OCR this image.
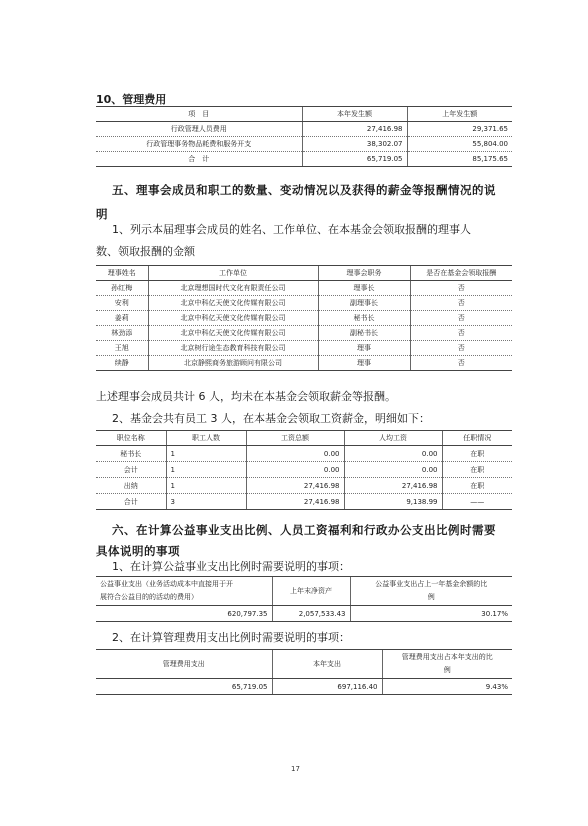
10、管理费用
项　目	本年发生额	上年发生额
行政管理人员费用	27,416.98	29,371.65
行政管理事务物品耗费和服务开支	38,302.07	55,804.00
合　计	65,719.05	85,175.65
五、理事会成员和职工的数量、变动情况以及获得的薪金等报酬情况的说
明
1、列示本届理事会成员的姓名、工作单位、在本基金会领取报酬的理事人
数、领取报酬的金额
理事姓名	工作单位	理事会职务	是否在基金会领取报酬
孙红梅	北京理想国时代文化有限责任公司	理事长	否
安利	北京中科亿天使文化传媒有限公司	副理事长	否
姜莉	北京中科亿天使文化传媒有限公司	秘书长	否
林劲添	北京中科亿天使文化传媒有限公司	副秘书长	否
王旭	北京树行途生态教育科技有限公司	理事	否
续静	北京静熙商务旅游顾问有限公司	理事	否
上述理事会成员共计 6 人，均未在本基金会领取薪金等报酬。
2、基金会共有员工 3 人，在本基金会领取工资薪金，明细如下：
职位名称	职工人数	工资总额	人均工资	任职情况
秘书长	1	0.00	0.00	在职
会计	1	0.00	0.00	在职
出纳	1	27,416.98	27,416.98	在职
合计	3	27,416.98	9,138.99	——
六、在计算公益事业支出比例、人员工资福利和行政办公支出比例时需要
具体说明的事项
1、在计算公益事业支出比例时需要说明的事项：
公益事业支出（业务活动成本中直接用于开
展符合公益目的的活动的费用）	上年末净资产	公益事业支出占上一年基金余额的比
例
620,797.35	2,057,533.43	30.17%
2、在计算管理费用支出比例时需要说明的事项：
管理费用支出	本年支出	管理费用支出占本年支出的比
例
65,719.05	697,116.40	9.43%
17
